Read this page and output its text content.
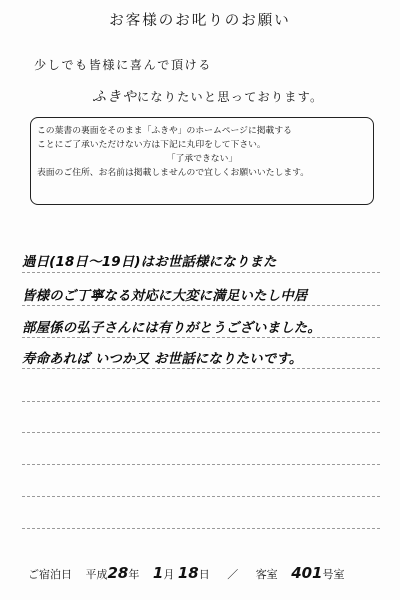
お客様のお叱りのお願い
少しでも皆様に喜んで頂ける
ふきやになりたいと思っております。
この葉書の裏面をそのまま「ふきや」のホームページに掲載する
ことにご了承いただけない方は下記に丸印をして下さい。
「了承できない」
表面のご住所、お名前は掲載しませんので宜しくお願いいたします。
過日(18日〜19日)はお世話様になりまた
皆様のご丁寧なる対応に大変に満足いたし中居
部屋係の弘子さんには有りがとうございました。
寿命あれば いつか又 お世話になりたいです。
ご宿泊日 平成28年 1月 18日 ／ 客室 401号室
